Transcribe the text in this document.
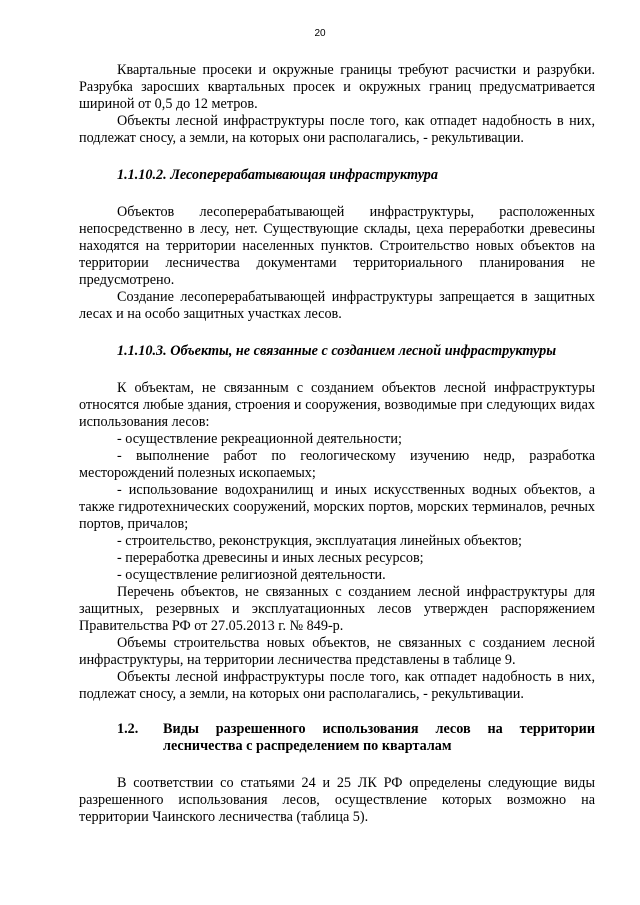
20

Квартальные просеки и окружные границы требуют расчистки и разрубки. Разрубка заросших квартальных просек и окружных границ предусматривается шириной от 0,5 до 12 метров.

Объекты лесной инфраструктуры после того, как отпадет надобность в них, подлежат сносу, а земли, на которых они располагались, - рекультивации.

1.1.10.2. Лесоперерабатывающая инфраструктура

Объектов лесоперерабатывающей инфраструктуры, расположенных непосредственно в лесу, нет. Существующие склады, цеха переработки древесины находятся на территории населенных пунктов. Строительство новых объектов на территории лесничества документами территориального планирования не предусмотрено.

Создание лесоперерабатывающей инфраструктуры запрещается в защитных лесах и на особо защитных участках лесов.

1.1.10.3. Объекты, не связанные с созданием лесной инфраструктуры

К объектам, не связанным с созданием объектов лесной инфраструктуры относятся любые здания, строения и сооружения, возводимые при следующих видах использования лесов:

- осуществление рекреационной деятельности;

- выполнение работ по геологическому изучению недр, разработка месторождений полезных ископаемых;

- использование водохранилищ и иных искусственных водных объектов, а также гидротехнических сооружений, морских портов, морских терминалов, речных портов, причалов;

- строительство, реконструкция, эксплуатация линейных объектов;

- переработка древесины и иных лесных ресурсов;

- осуществление религиозной деятельности.

Перечень объектов, не связанных с созданием лесной инфраструктуры для защитных, резервных и эксплуатационных лесов утвержден распоряжением Правительства РФ от 27.05.2013 г. № 849-р.

Объемы строительства новых объектов, не связанных с созданием лесной инфраструктуры, на территории лесничества представлены в таблице 9.

Объекты лесной инфраструктуры после того, как отпадет надобность в них, подлежат сносу, а земли, на которых они располагались, - рекультивации.

1.2.	Виды разрешенного использования лесов на территории лесничества с распределением по кварталам

В соответствии со статьями 24 и 25 ЛК РФ определены следующие виды разрешенного использования лесов, осуществление которых возможно на территории Чаинского лесничества (таблица 5).
